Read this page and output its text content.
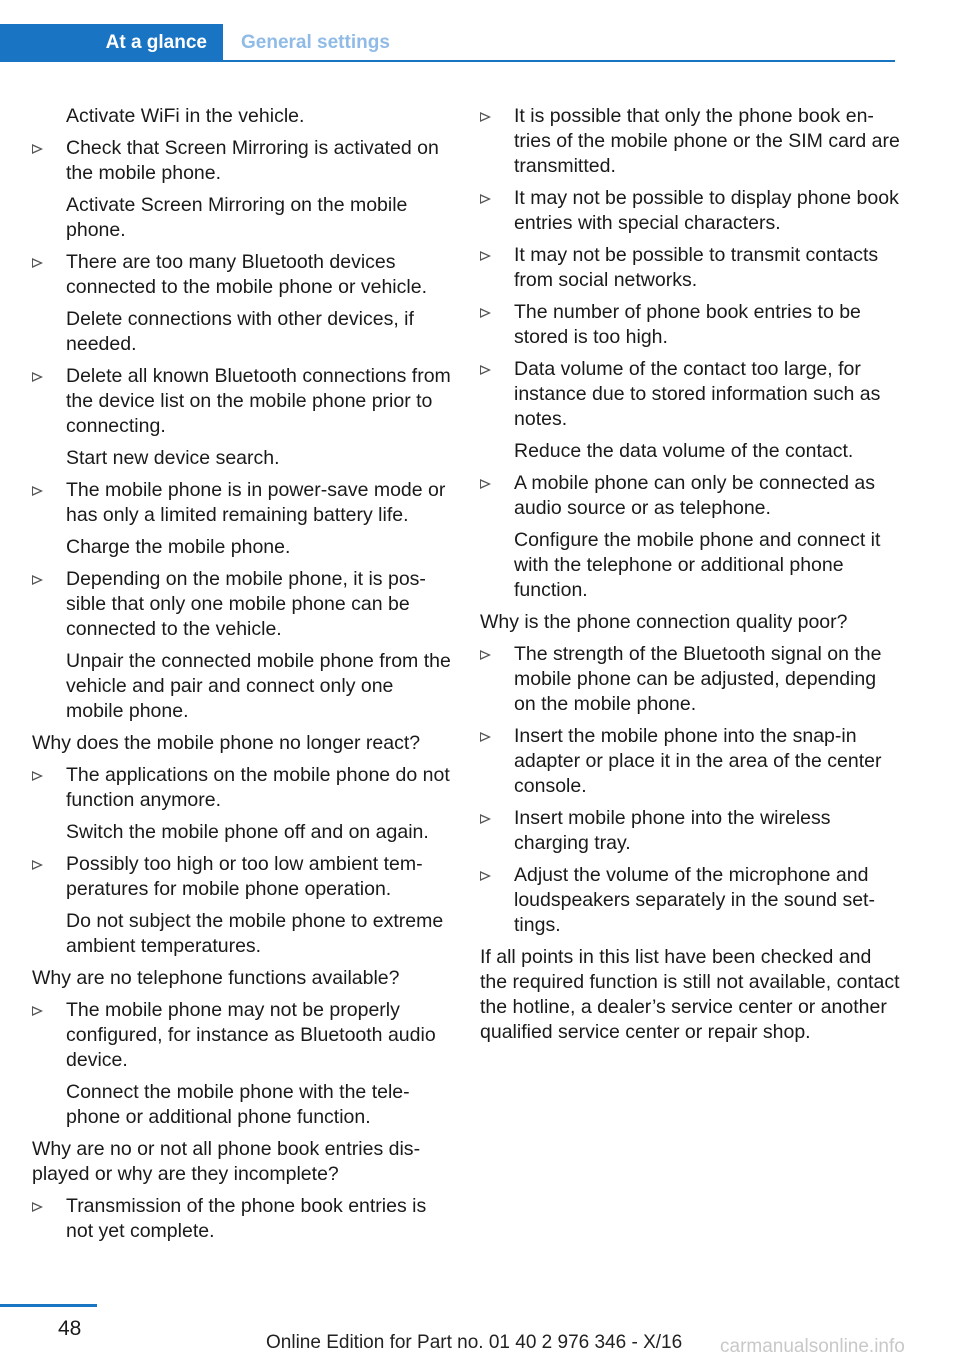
At a glance	General settings

Activate WiFi in the vehicle.

Check that Screen Mirroring is activated on the mobile phone.

Activate Screen Mirroring on the mobile phone.

There are too many Bluetooth devices connected to the mobile phone or vehicle.

Delete connections with other devices, if needed.

Delete all known Bluetooth connections from the device list on the mobile phone prior to connecting.

Start new device search.

The mobile phone is in power-save mode or has only a limited remaining battery life.

Charge the mobile phone.

Depending on the mobile phone, it is possible that only one mobile phone can be connected to the vehicle.

Unpair the connected mobile phone from the vehicle and pair and connect only one mobile phone.

Why does the mobile phone no longer react?

The applications on the mobile phone do not function anymore.

Switch the mobile phone off and on again.

Possibly too high or too low ambient temperatures for mobile phone operation.

Do not subject the mobile phone to extreme ambient temperatures.

Why are no telephone functions available?

The mobile phone may not be properly configured, for instance as Bluetooth audio device.

Connect the mobile phone with the telephone or additional phone function.

Why are no or not all phone book entries displayed or why are they incomplete?

Transmission of the phone book entries is not yet complete.

It is possible that only the phone book entries of the mobile phone or the SIM card are transmitted.

It may not be possible to display phone book entries with special characters.

It may not be possible to transmit contacts from social networks.

The number of phone book entries to be stored is too high.

Data volume of the contact too large, for instance due to stored information such as notes.

Reduce the data volume of the contact.

A mobile phone can only be connected as audio source or as telephone.

Configure the mobile phone and connect it with the telephone or additional phone function.

Why is the phone connection quality poor?

The strength of the Bluetooth signal on the mobile phone can be adjusted, depending on the mobile phone.

Insert the mobile phone into the snap-in adapter or place it in the area of the center console.

Insert mobile phone into the wireless charging tray.

Adjust the volume of the microphone and loudspeakers separately in the sound settings.

If all points in this list have been checked and the required function is still not available, contact the hotline, a dealer’s service center or another qualified service center or repair shop.

48
Online Edition for Part no. 01 40 2 976 346 - X/16 carmanualsonline.info
